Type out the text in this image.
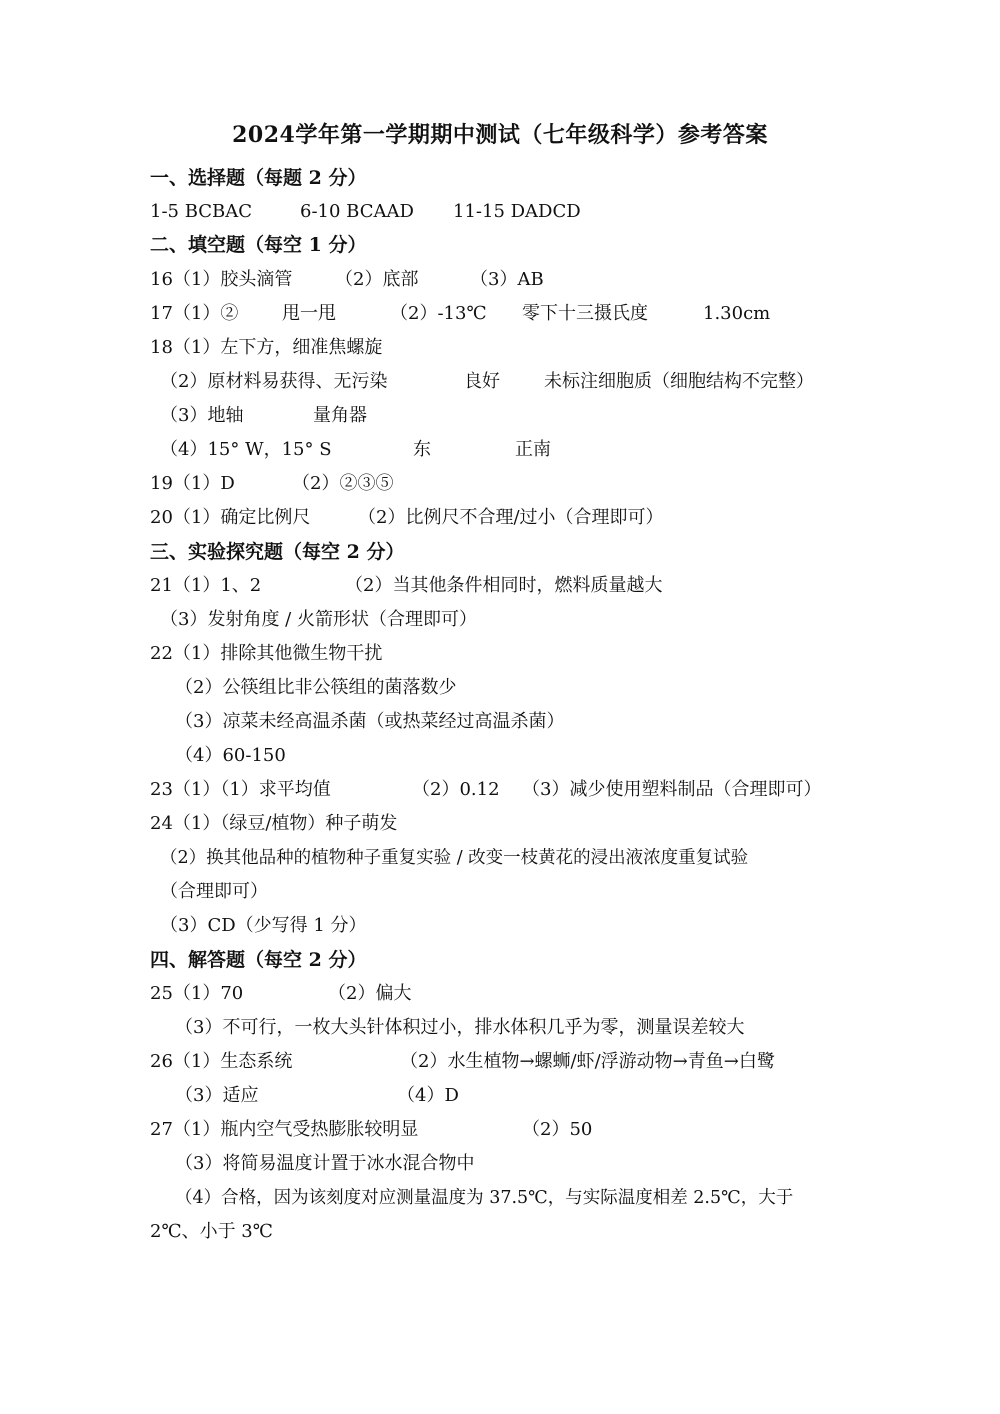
2024学年第一学期期中测试（七年级科学）参考答案
一、选择题（每题 2 分）
1-5 BCBAC	6-10 BCAAD 11-15 DADCD
二、填空题（每空 1 分）
16（1）胶头滴管 （2）底部	（3）AB
17（1）② 甩一甩	（2）-13℃ 零下十三摄氏度	1.30cm
18（1）左下方，细准焦螺旋
（2）原材料易获得、无污染	良好 未标注细胞质（细胞结构不完整）
（3）地轴	量角器
（4）15° W，15° S	东	正南
19（1）D	（2）②③⑤
20（1）确定比例尺	（2）比例尺不合理/过小（合理即可）
三、实验探究题（每空 2 分）
21（1）1、2	（2）当其他条件相同时，燃料质量越大
（3）发射角度 / 火箭形状（合理即可）
22（1）排除其他微生物干扰
（2）公筷组比非公筷组的菌落数少
（3）凉菜未经高温杀菌（或热菜经过高温杀菌）
（4）60-150
23（1）（1）求平均值	（2）0.12 （3）减少使用塑料制品（合理即可）
24（1）（绿豆/植物）种子萌发
（2）换其他品种的植物种子重复实验 / 改变一枝黄花的浸出液浓度重复试验
（合理即可）
（3）CD（少写得 1 分）
四、解答题（每空 2 分）
25（1）70	（2）偏大
（3）不可行，一枚大头针体积过小，排水体积几乎为零，测量误差较大
26（1）生态系统	（2）水生植物→螺蛳/虾/浮游动物→青鱼→白鹭
（3）适应	（4）D
27（1）瓶内空气受热膨胀较明显	（2）50
（3）将简易温度计置于冰水混合物中
（4）合格，因为该刻度对应测量温度为 37.5℃，与实际温度相差 2.5℃，大于
2℃、小于 3℃
